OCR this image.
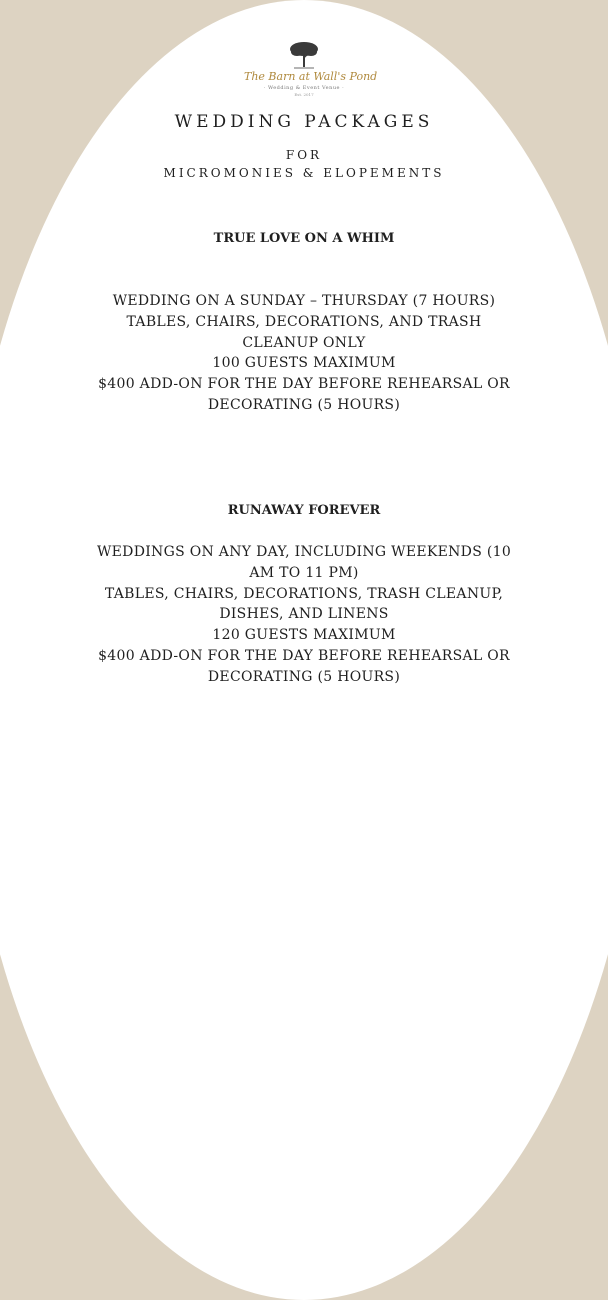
The Barn at Wall's Pond
· Wedding & Event Venue ·
Est. 2017
WEDDING PACKAGES
FOR
MICROMONIES & ELOPEMENTS
TRUE LOVE ON A WHIM
WEDDING ON A SUNDAY – THURSDAY (7 HOURS)
TABLES, CHAIRS, DECORATIONS, AND TRASH
CLEANUP ONLY
100 GUESTS MAXIMUM
$400 ADD-ON FOR THE DAY BEFORE REHEARSAL OR
DECORATING (5 HOURS)
RUNAWAY FOREVER
WEDDINGS ON ANY DAY, INCLUDING WEEKENDS (10
AM TO 11 PM)
TABLES, CHAIRS, DECORATIONS, TRASH CLEANUP,
DISHES, AND LINENS
120 GUESTS MAXIMUM
$400 ADD-ON FOR THE DAY BEFORE REHEARSAL OR
DECORATING (5 HOURS)
